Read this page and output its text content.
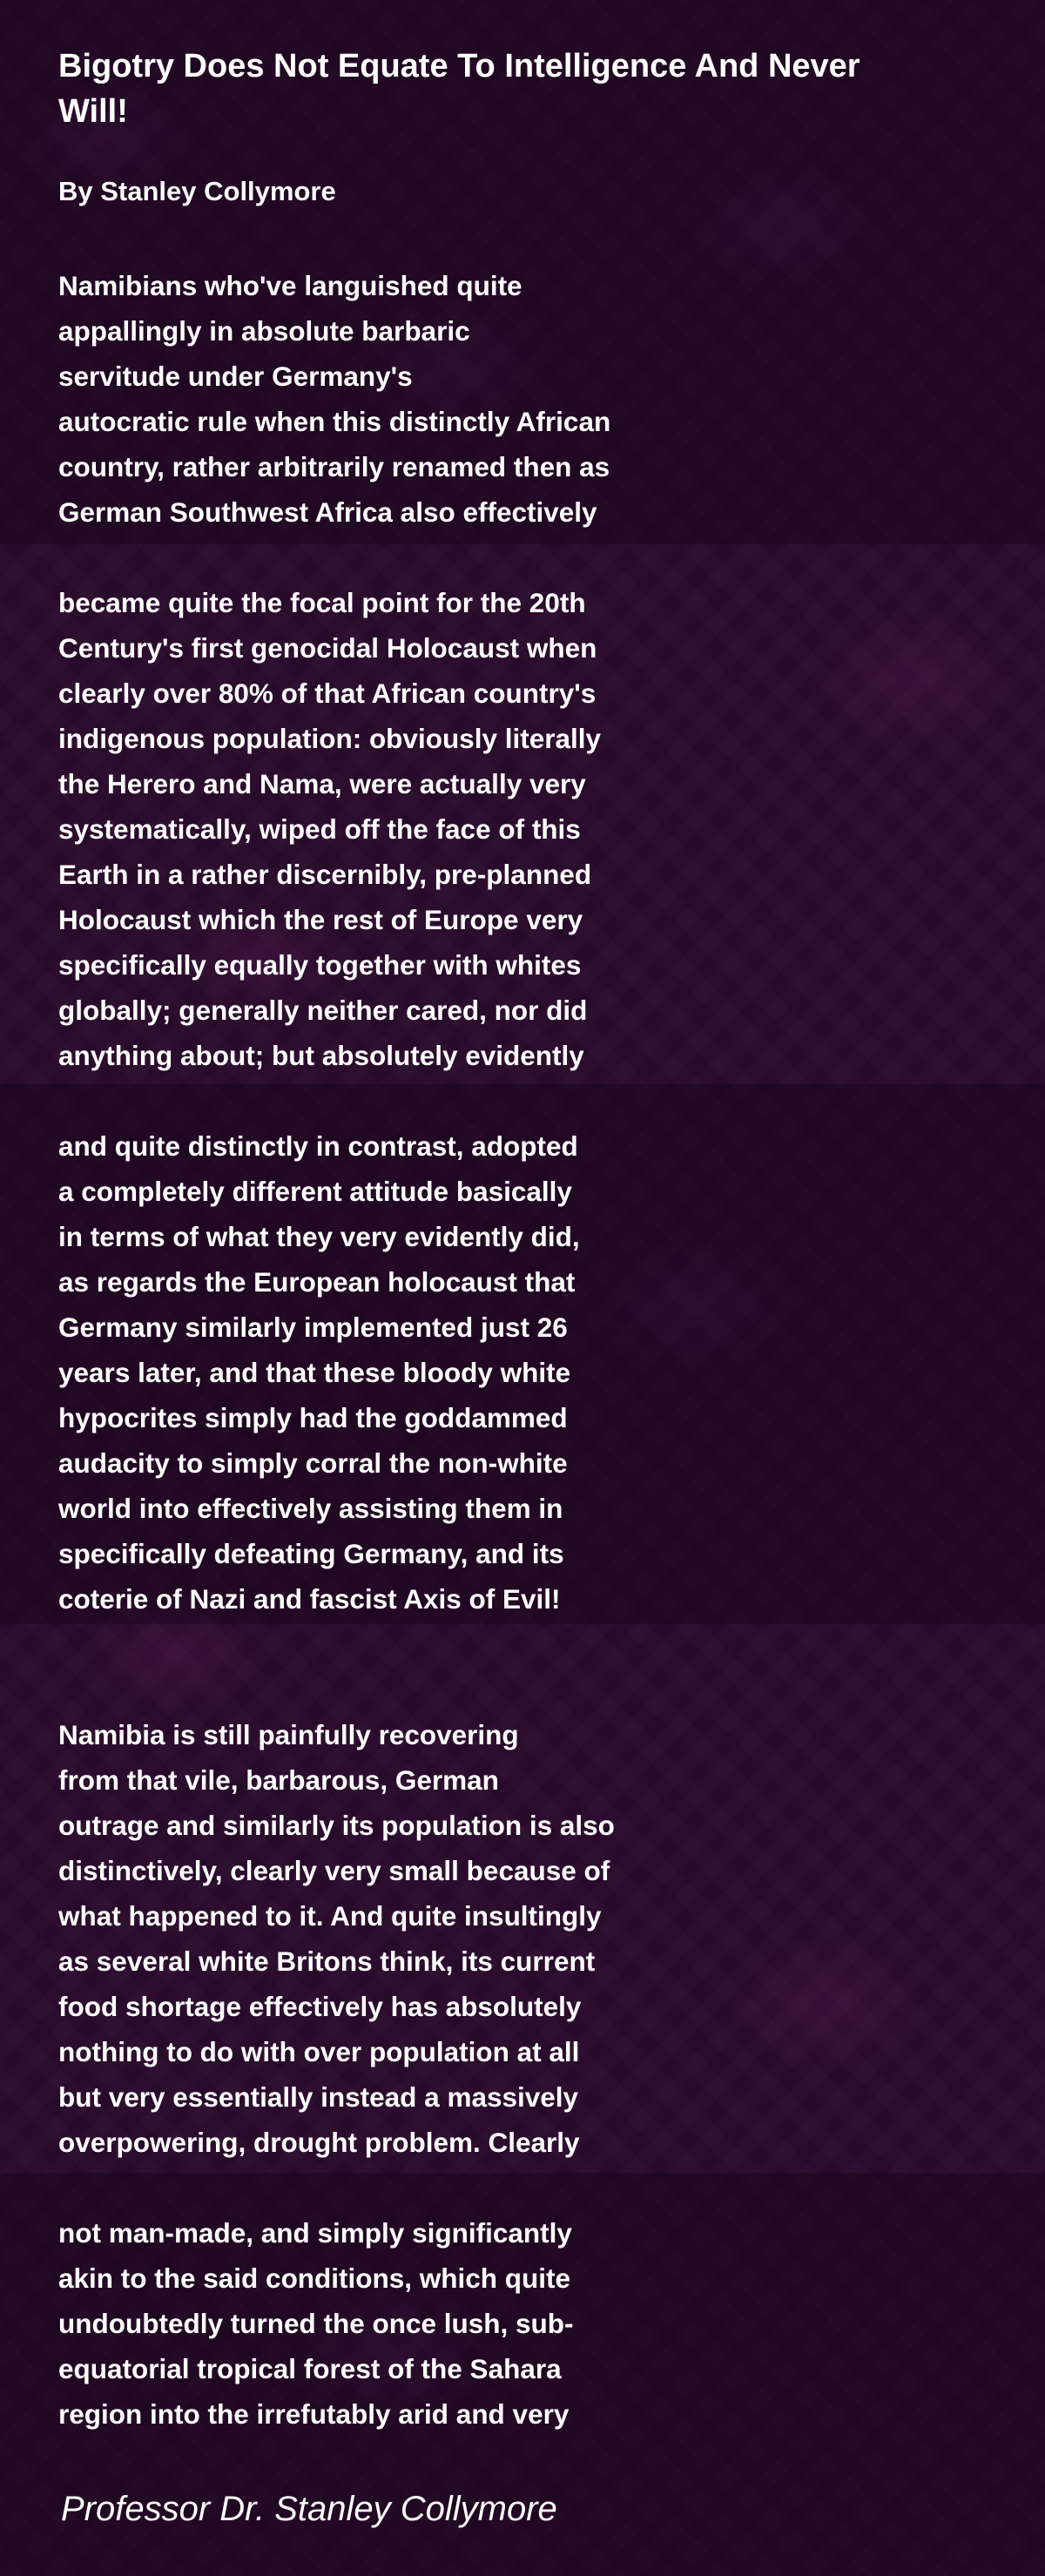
Bigotry Does Not Equate To Intelligence And Never Will!
By Stanley Collymore
Namibians who've languished quite
appallingly in absolute barbaric
servitude under Germany's
autocratic rule when this distinctly African
country, rather arbitrarily renamed then as
German Southwest Africa also effectively
became quite the focal point for the 20th
Century's first genocidal Holocaust when
clearly over 80% of that African country's
indigenous population: obviously literally
the Herero and Nama, were actually very
systematically, wiped off the face of this
Earth in a rather discernibly, pre-planned
Holocaust which the rest of Europe very
specifically equally together with whites
globally; generally neither cared, nor did
anything about; but absolutely evidently
and quite distinctly in contrast, adopted
a completely different attitude basically
in terms of what they very evidently did,
as regards the European holocaust that
Germany similarly implemented just 26
years later, and that these bloody white
hypocrites simply had the goddammed
audacity to simply corral the non-white
world into effectively assisting them in
specifically defeating Germany, and its
coterie of Nazi and fascist Axis of Evil!
Namibia is still painfully recovering
from that vile, barbarous, German
outrage and similarly its population is also
distinctively, clearly very small because of
what happened to it. And quite insultingly
as several white Britons think, its current
food shortage effectively has absolutely
nothing to do with over population at all
but very essentially instead a massively
overpowering, drought problem. Clearly
not man-made, and simply significantly
akin to the said conditions, which quite
undoubtedly turned the once lush, sub-
equatorial tropical forest of the Sahara
region into the irrefutably arid and very
Professor Dr. Stanley Collymore
